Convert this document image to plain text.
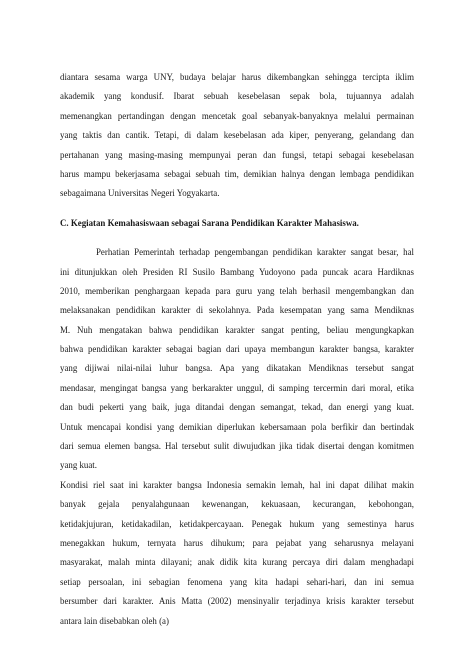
diantara sesama warga UNY, budaya belajar harus dikembangkan sehingga tercipta iklim
akademik yang kondusif. Ibarat sebuah kesebelasan sepak bola, tujuannya adalah
memenangkan pertandingan dengan mencetak goal sebanyak-banyaknya melalui permainan
yang taktis dan cantik. Tetapi, di dalam kesebelasan ada kiper, penyerang, gelandang dan
pertahanan yang masing-masing mempunyai peran dan fungsi, tetapi sebagai kesebelasan
harus mampu bekerjasama sebagai sebuah tim, demikian halnya dengan lembaga pendidikan
sebagaimana Universitas Negeri Yogyakarta.
C. Kegiatan Kemahasiswaan sebagai Sarana Pendidikan Karakter Mahasiswa.
Perhatian Pemerintah terhadap pengembangan pendidikan karakter sangat besar, hal
ini ditunjukkan oleh Presiden RI Susilo Bambang Yudoyono pada puncak acara Hardiknas
2010, memberikan penghargaan kepada para guru yang telah berhasil mengembangkan dan
melaksanakan pendidikan karakter di sekolahnya. Pada kesempatan yang sama Mendiknas
M. Nuh mengatakan bahwa pendidikan karakter sangat penting, beliau mengungkapkan
bahwa pendidikan karakter sebagai bagian dari upaya membangun karakter bangsa, karakter
yang dijiwai nilai-nilai luhur bangsa. Apa yang dikatakan Mendiknas tersebut sangat
mendasar, mengingat bangsa yang berkarakter unggul, di samping tercermin dari moral, etika
dan budi pekerti yang baik, juga ditandai dengan semangat, tekad, dan energi yang kuat.
Untuk mencapai kondisi yang demikian diperlukan kebersamaan pola berfikir dan bertindak
dari semua elemen bangsa. Hal tersebut sulit diwujudkan jika tidak disertai dengan komitmen
yang kuat.
Kondisi riel saat ini karakter bangsa Indonesia semakin lemah, hal ini dapat dilihat makin
banyak gejala penyalahgunaan kewenangan, kekuasaan, kecurangan, kebohongan,
ketidakjujuran, ketidakadilan, ketidakpercayaan. Penegak hukum yang semestinya harus
menegakkan hukum, ternyata harus dihukum; para pejabat yang seharusnya melayani
masyarakat, malah minta dilayani; anak didik kita kurang percaya diri dalam menghadapi
setiap persoalan, ini sebagian fenomena yang kita hadapi sehari-hari, dan ini semua
bersumber dari karakter. Anis Matta (2002) mensinyalir terjadinya krisis karakter tersebut
antara lain disebabkan oleh (a)
